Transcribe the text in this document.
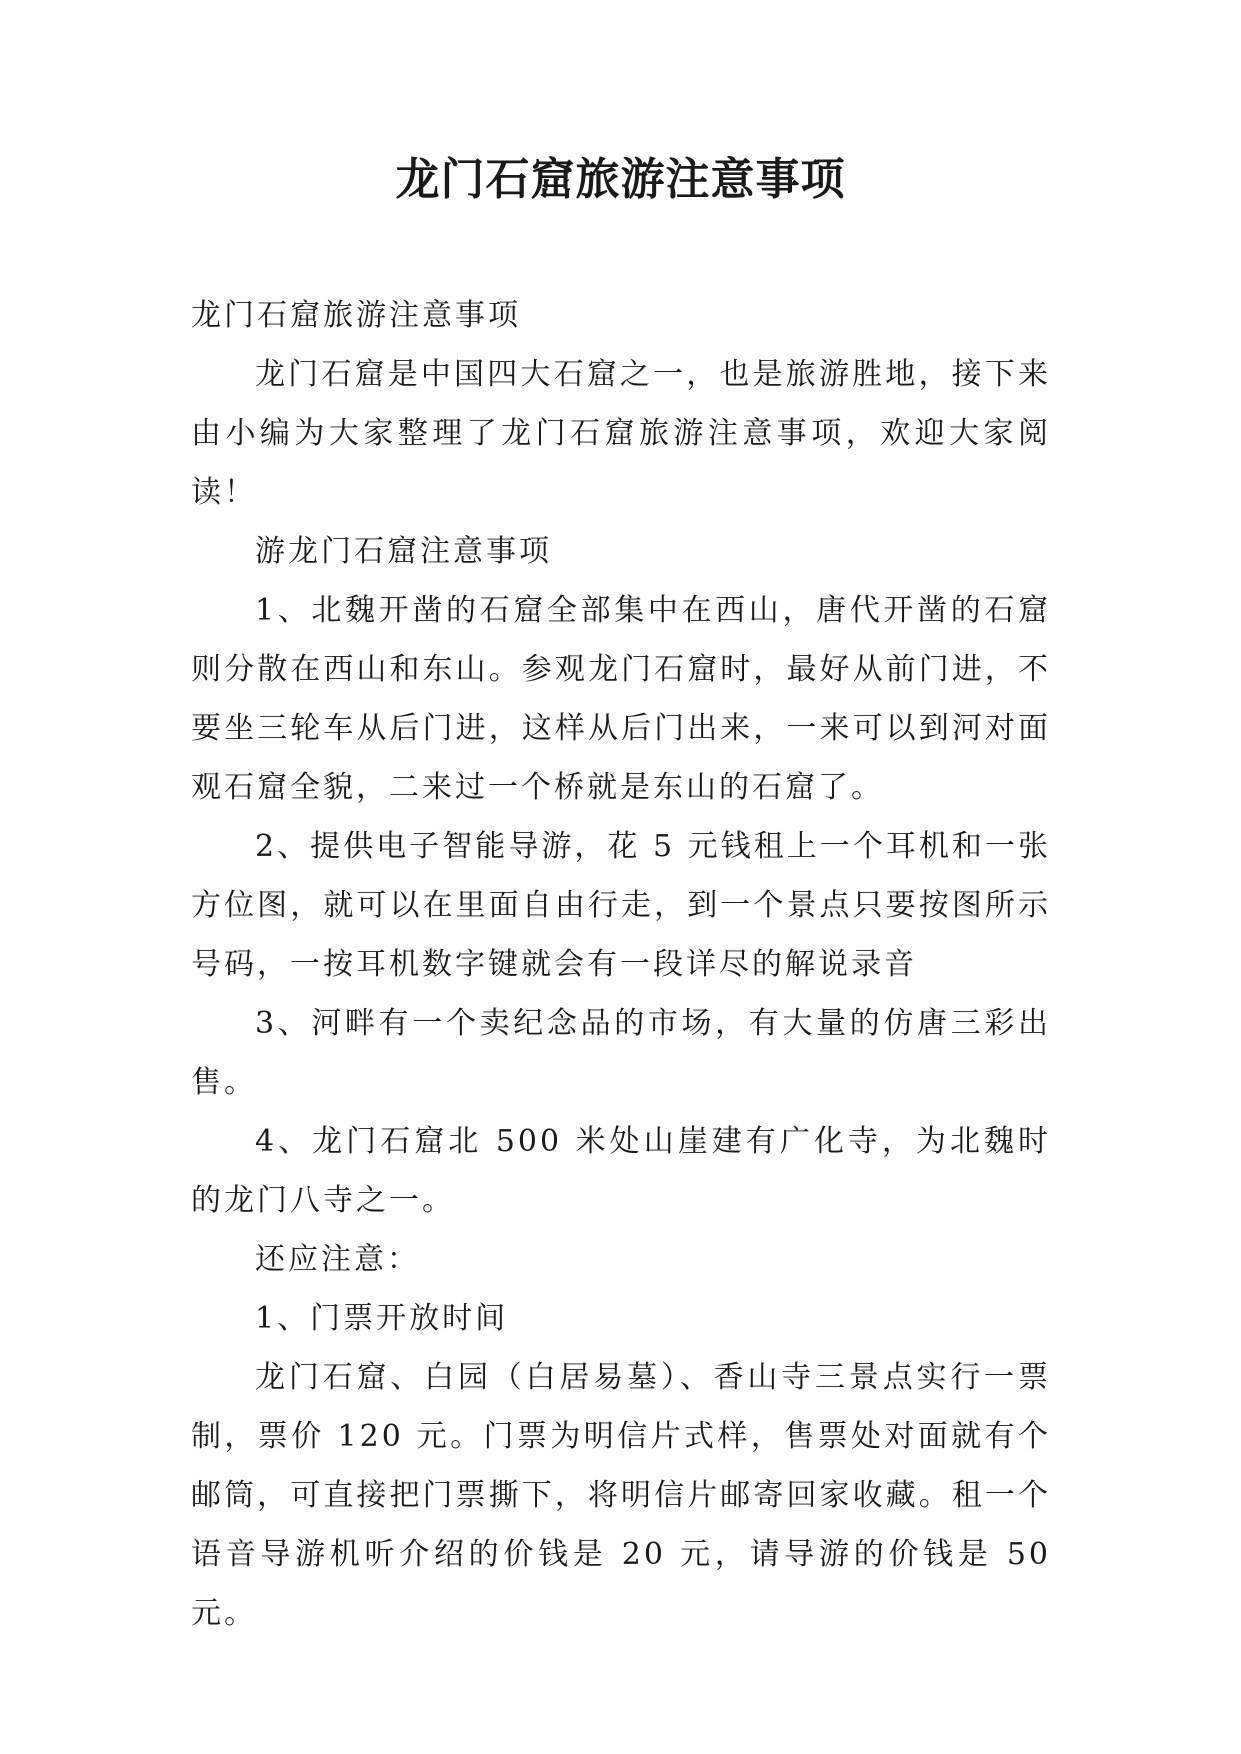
龙门石窟旅游注意事项

龙门石窟旅游注意事项

龙门石窟是中国四大石窟之一，也是旅游胜地，接下来由小编为大家整理了龙门石窟旅游注意事项，欢迎大家阅读！

游龙门石窟注意事项

1、北魏开凿的石窟全部集中在西山，唐代开凿的石窟则分散在西山和东山。参观龙门石窟时，最好从前门进，不要坐三轮车从后门进，这样从后门出来，一来可以到河对面观石窟全貌，二来过一个桥就是东山的石窟了。

2、提供电子智能导游，花 5 元钱租上一个耳机和一张方位图，就可以在里面自由行走，到一个景点只要按图所示号码，一按耳机数字键就会有一段详尽的解说录音

3、河畔有一个卖纪念品的市场，有大量的仿唐三彩出售。

4、龙门石窟北 500 米处山崖建有广化寺，为北魏时的龙门八寺之一。

还应注意：

1、门票开放时间

龙门石窟、白园（白居易墓）、香山寺三景点实行一票制，票价 120 元。门票为明信片式样，售票处对面就有个邮筒，可直接把门票撕下，将明信片邮寄回家收藏。租一个语音导游机听介绍的价钱是 20 元，请导游的价钱是 50 元。
